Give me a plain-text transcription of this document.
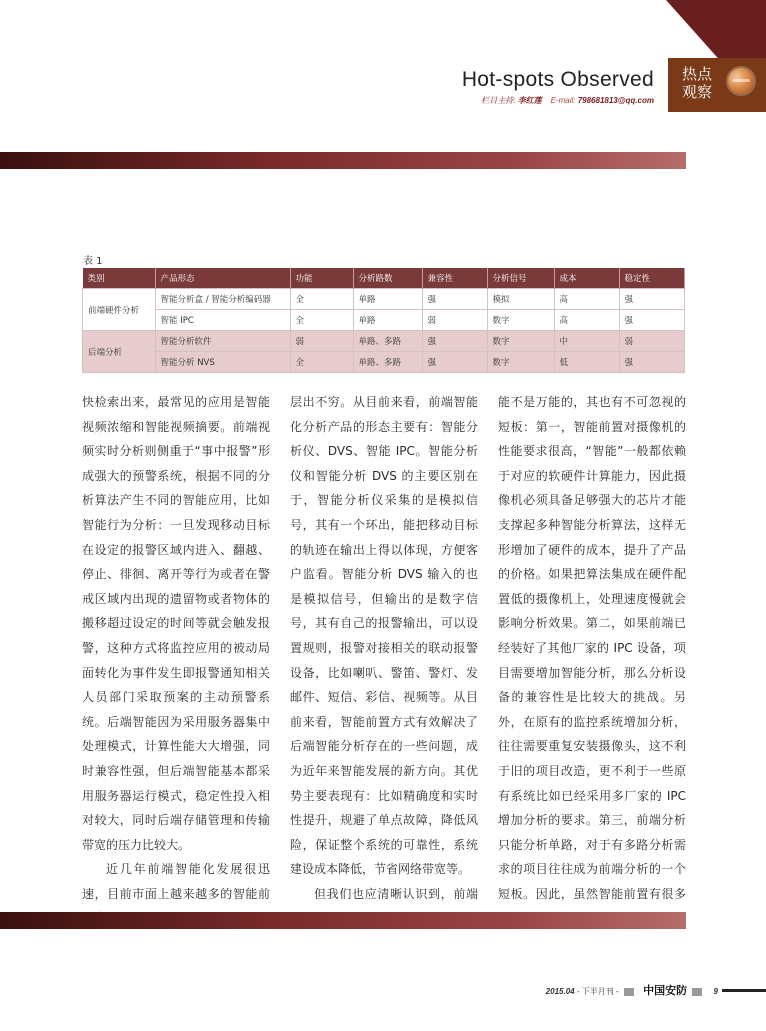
Hot-spots Observed
栏目主持: 李红莲 E-mail: 798681813@qq.com
热点
观察
表 1
类别	产品形态	功能	分析路数	兼容性	分析信号	成本	稳定性
前端硬件分析	智能分析盒 / 智能分析编码器	全	单路	强	模拟	高	强
	智能 IPC	全	单路	弱	数字	高	强
后端分析	智能分析软件	弱	单路、多路	强	数字	中	弱
	智能分析 NVS	全	单路、多路	强	数字	低	强

快检索出来，最常见的应用是智能视频浓缩和智能视频摘要。前端视频实时分析则侧重于“事中报警”形成强大的预警系统，根据不同的分析算法产生不同的智能应用，比如智能行为分析：一旦发现移动目标在设定的报警区域内进入、翻越、停止、徘徊、离开等行为或者在警戒区域内出现的遗留物或者物体的搬移超过设定的时间等就会触发报警，这种方式将监控应用的被动局面转化为事件发生即报警通知相关人员部门采取预案的主动预警系统。后端智能因为采用服务器集中处理模式，计算性能大大增强，同时兼容性强，但后端智能基本都采用服务器运行模式，稳定性投入相对较大，同时后端存储管理和传输带宽的压力比较大。

近几年前端智能化发展很迅速，目前市面上越来越多的智能前

层出不穷。从目前来看，前端智能化分析产品的形态主要有：智能分析仪、DVS、智能 IPC。智能分析仪和智能分析 DVS 的主要区别在于，智能分析仪采集的是模拟信号，其有一个环出，能把移动目标的轨迹在输出上得以体现，方便客户监看。智能分析 DVS 输入的也是模拟信号，但输出的是数字信号，其有自己的报警输出，可以设置规则，报警对接相关的联动报警设备，比如喇叭、警笛、警灯、发邮件、短信、彩信、视频等。从目前来看，智能前置方式有效解决了后端智能分析存在的一些问题，成为近年来智能发展的新方向。其优势主要表现有：比如精确度和实时性提升，规避了单点故障，降低风险，保证整个系统的可靠性，系统建设成本降低，节省网络带宽等。

但我们也应清晰认识到，前端

能不是万能的，其也有不可忽视的短板：第一，智能前置对摄像机的性能要求很高，“智能”一般都依赖于对应的软硬件计算能力，因此摄像机必须具备足够强大的芯片才能支撑起多种智能分析算法，这样无形增加了硬件的成本，提升了产品的价格。如果把算法集成在硬件配置低的摄像机上，处理速度慢就会影响分析效果。第二，如果前端已经装好了其他厂家的 IPC 设备，项目需要增加智能分析，那么分析设备的兼容性是比较大的挑战。另外，在原有的监控系统增加分析，往往需要重复安装摄像头，这不利于旧的项目改造，更不利于一些原有系统比如已经采用多厂家的 IPC 增加分析的要求。第三，前端分析只能分析单路，对于有多路分析需求的项目往往成为前端分析的一个短板。因此，虽然智能前置有很多

2015.04 - 下半月刊 - 中国安防	9
